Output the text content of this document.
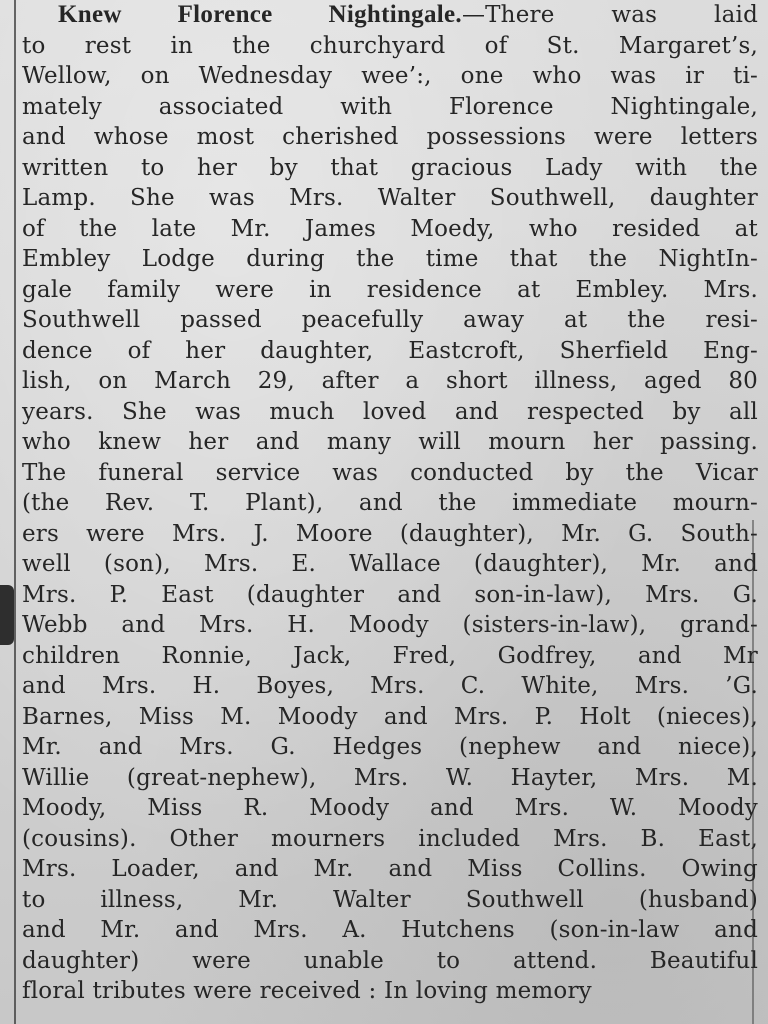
Knew Florence Nightingale.—There was laid
to rest in the churchyard of St. Margaret’s,
Wellow, on Wednesday wee’:, one who was ir ti-
mately associated with Florence Nightingale,
and whose most cherished possessions were letters
written to her by that gracious Lady with the
Lamp. She was Mrs. Walter Southwell, daughter
of the late Mr. James Moedy, who resided at
Embley Lodge during the time that the NightIn-
gale family were in residence at Embley. Mrs.
Southwell passed peacefully away at the resi-
dence of her daughter, Eastcroft, Sherfield Eng-
lish, on March 29, after a short illness, aged 80
years. She was much loved and respected by all
who knew her and many will mourn her passing.
The funeral service was conducted by the Vicar
(the Rev. T. Plant), and the immediate mourn-
ers were Mrs. J. Moore (daughter), Mr. G. South-
well (son), Mrs. E. Wallace (daughter), Mr. and
Mrs. P. East (daughter and son-in-law), Mrs. G.
Webb and Mrs. H. Moody (sisters-in-law), grand-
children Ronnie, Jack, Fred, Godfrey, and Mr
and Mrs. H. Boyes, Mrs. C. White, Mrs. ’G.
Barnes, Miss M. Moody and Mrs. P. Holt (nieces),
Mr. and Mrs. G. Hedges (nephew and niece),
Willie (great-nephew), Mrs. W. Hayter, Mrs. M.
Moody, Miss R. Moody and Mrs. W. Moody
(cousins). Other mourners included Mrs. B. East,
Mrs. Loader, and Mr. and Miss Collins. Owing
to illness, Mr. Walter Southwell (husband)
and Mr. and Mrs. A. Hutchens (son-in-law and
daughter) were unable to attend. Beautiful
floral tributes were received : In loving memory
